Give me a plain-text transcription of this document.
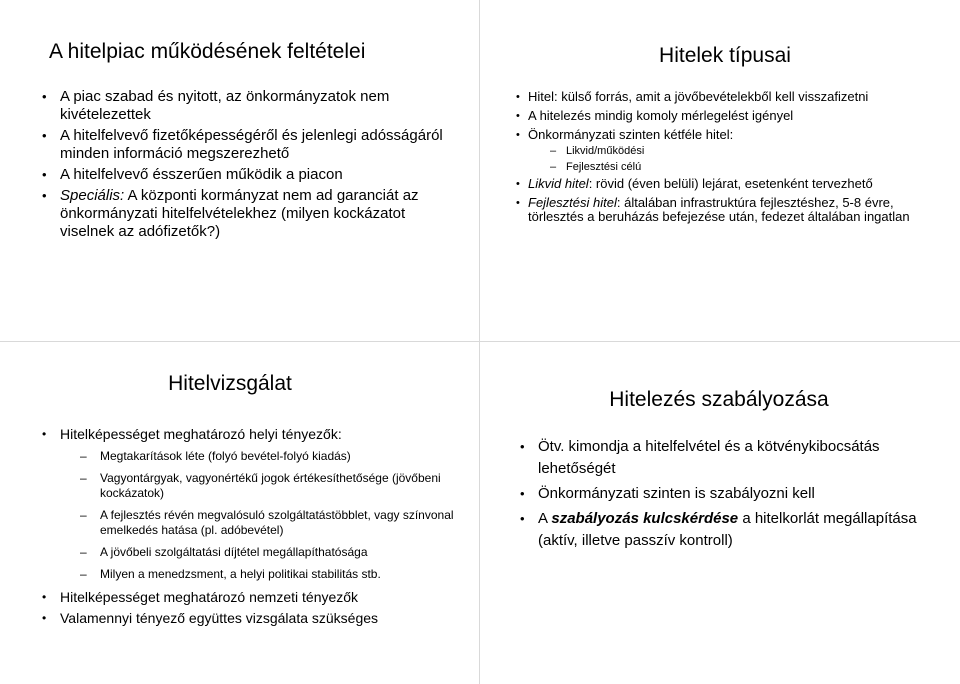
A hitelpiac működésének feltételei
• A piac szabad és nyitott, az önkormányzatok nem kivételezettek
• A hitelfelvevő fizetőképességéről és jelenlegi adósságáról minden információ megszerezhető
• A hitelfelvevő ésszerűen működik a piacon
• Speciális: A központi kormányzat nem ad garanciát az önkormányzati hitelfelvételekhez (milyen kockázatot viselnek az adófizetők?)
Hitelek típusai
• Hitel: külső forrás, amit a jövőbevételekből kell visszafizetni
• A hitelezés mindig komoly mérlegelést igényel
• Önkormányzati szinten kétféle hitel:
– Likvid/működési
– Fejlesztési célú
• Likvid hitel: rövid (éven belüli) lejárat, esetenként tervezhető
• Fejlesztési hitel: általában infrastruktúra fejlesztéshez, 5-8 évre, törlesztés a beruházás befejezése után, fedezet általában ingatlan
Hitelvizsgálat
• Hitelképességet meghatározó helyi tényezők:
– Megtakarítások léte (folyó bevétel-folyó kiadás)
– Vagyontárgyak, vagyonértékű jogok értékesíthetősége (jövőbeni kockázatok)
– A fejlesztés révén megvalósuló szolgáltatástöbblet, vagy színvonal emelkedés hatása (pl. adóbevétel)
– A jövőbeli szolgáltatási díjtétel megállapíthatósága
– Milyen a menedzsment, a helyi politikai stabilitás stb.
• Hitelképességet meghatározó nemzeti tényezők
• Valamennyi tényező együttes vizsgálata szükséges
Hitelezés szabályozása
• Ötv. kimondja a hitelfelvétel és a kötvénykibocsátás lehetőségét
• Önkormányzati szinten is szabályozni kell
• A szabályozás kulcskérdése a hitelkorlát megállapítása (aktív, illetve passzív kontroll)
